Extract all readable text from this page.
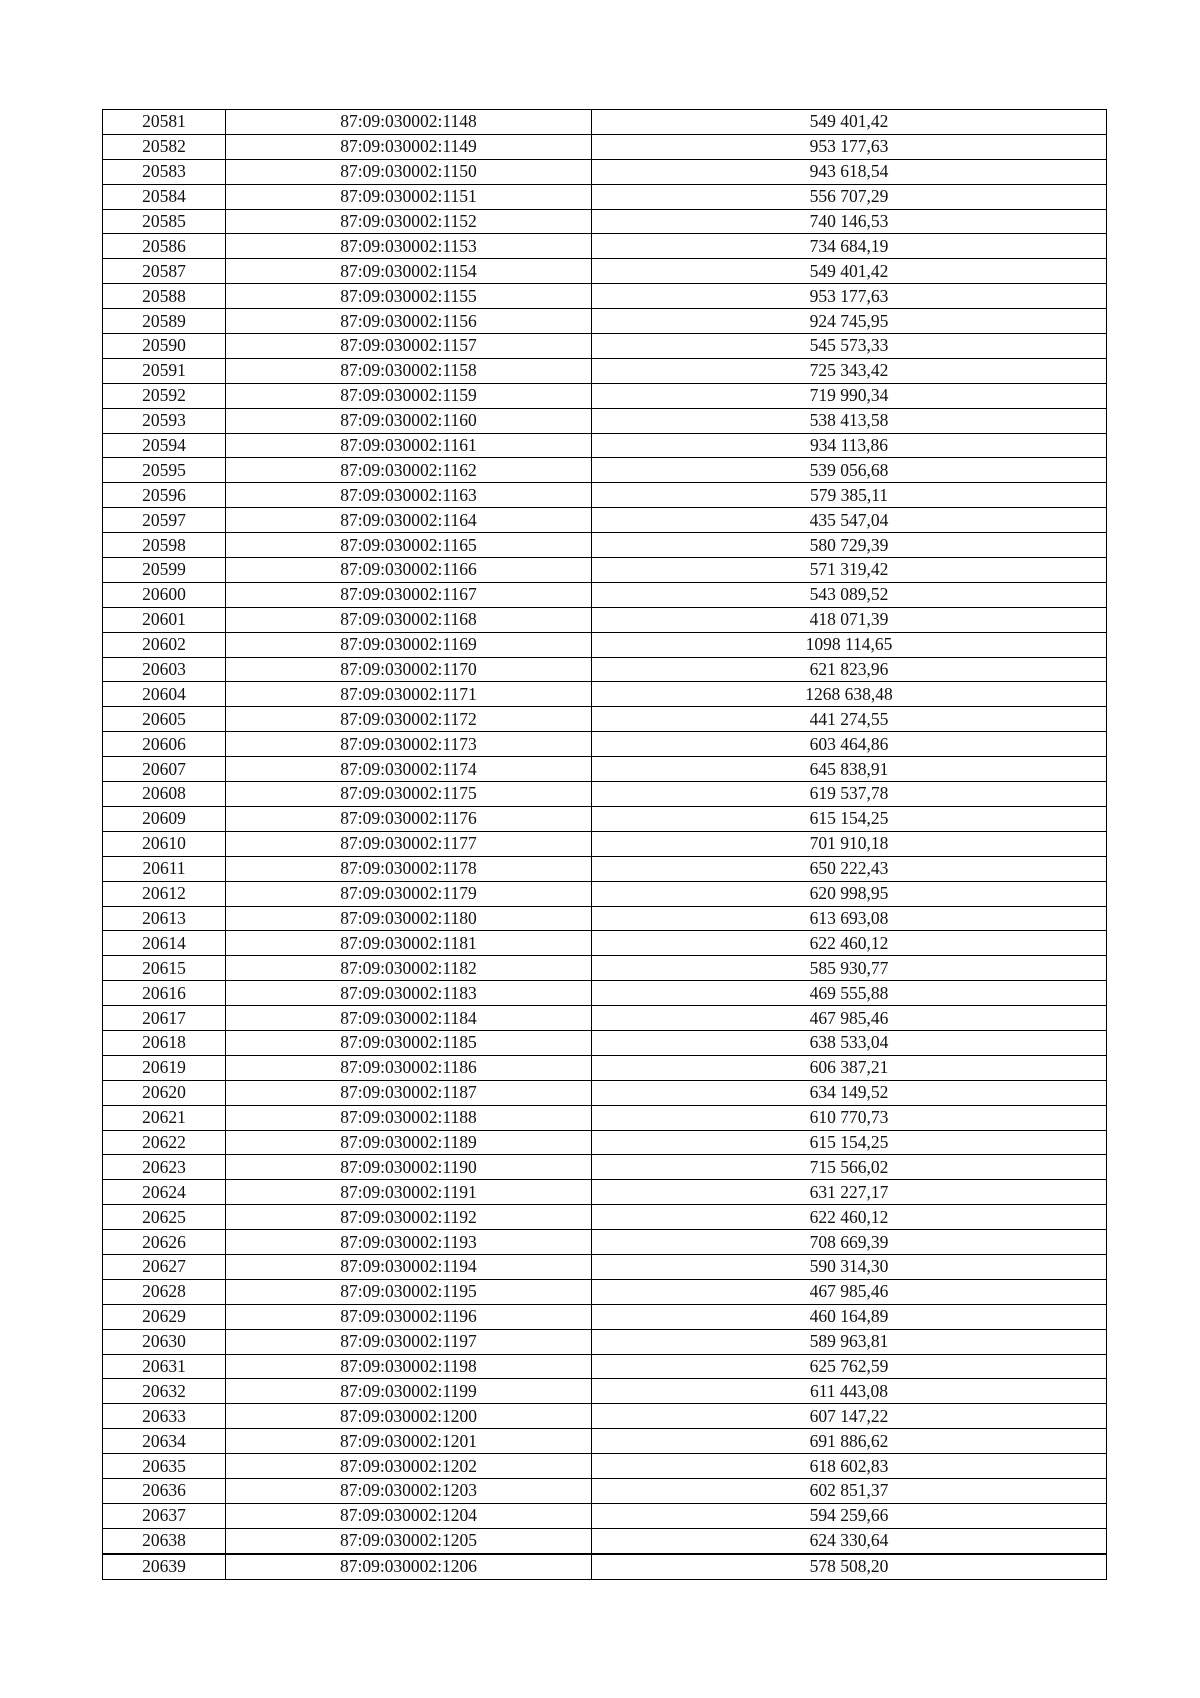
20581	87:09:030002:1148	549 401,42
20582	87:09:030002:1149	953 177,63
20583	87:09:030002:1150	943 618,54
20584	87:09:030002:1151	556 707,29
20585	87:09:030002:1152	740 146,53
20586	87:09:030002:1153	734 684,19
20587	87:09:030002:1154	549 401,42
20588	87:09:030002:1155	953 177,63
20589	87:09:030002:1156	924 745,95
20590	87:09:030002:1157	545 573,33
20591	87:09:030002:1158	725 343,42
20592	87:09:030002:1159	719 990,34
20593	87:09:030002:1160	538 413,58
20594	87:09:030002:1161	934 113,86
20595	87:09:030002:1162	539 056,68
20596	87:09:030002:1163	579 385,11
20597	87:09:030002:1164	435 547,04
20598	87:09:030002:1165	580 729,39
20599	87:09:030002:1166	571 319,42
20600	87:09:030002:1167	543 089,52
20601	87:09:030002:1168	418 071,39
20602	87:09:030002:1169	1098 114,65
20603	87:09:030002:1170	621 823,96
20604	87:09:030002:1171	1268 638,48
20605	87:09:030002:1172	441 274,55
20606	87:09:030002:1173	603 464,86
20607	87:09:030002:1174	645 838,91
20608	87:09:030002:1175	619 537,78
20609	87:09:030002:1176	615 154,25
20610	87:09:030002:1177	701 910,18
20611	87:09:030002:1178	650 222,43
20612	87:09:030002:1179	620 998,95
20613	87:09:030002:1180	613 693,08
20614	87:09:030002:1181	622 460,12
20615	87:09:030002:1182	585 930,77
20616	87:09:030002:1183	469 555,88
20617	87:09:030002:1184	467 985,46
20618	87:09:030002:1185	638 533,04
20619	87:09:030002:1186	606 387,21
20620	87:09:030002:1187	634 149,52
20621	87:09:030002:1188	610 770,73
20622	87:09:030002:1189	615 154,25
20623	87:09:030002:1190	715 566,02
20624	87:09:030002:1191	631 227,17
20625	87:09:030002:1192	622 460,12
20626	87:09:030002:1193	708 669,39
20627	87:09:030002:1194	590 314,30
20628	87:09:030002:1195	467 985,46
20629	87:09:030002:1196	460 164,89
20630	87:09:030002:1197	589 963,81
20631	87:09:030002:1198	625 762,59
20632	87:09:030002:1199	611 443,08
20633	87:09:030002:1200	607 147,22
20634	87:09:030002:1201	691 886,62
20635	87:09:030002:1202	618 602,83
20636	87:09:030002:1203	602 851,37
20637	87:09:030002:1204	594 259,66
20638	87:09:030002:1205	624 330,64
20639	87:09:030002:1206	578 508,20
